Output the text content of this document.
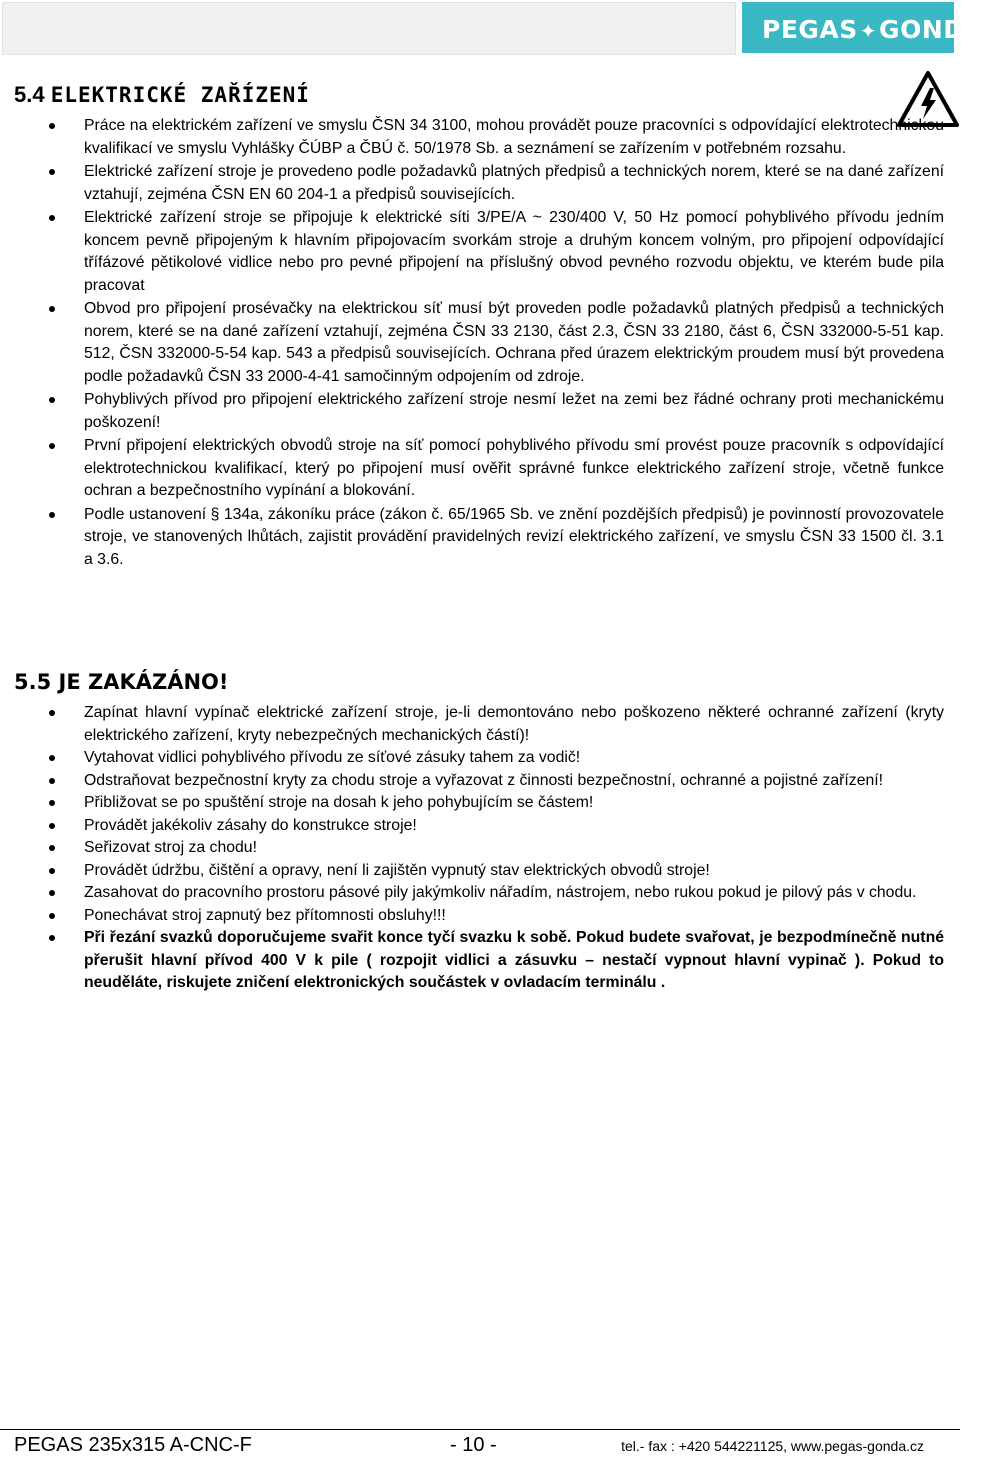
PEGAS ✦GONDA
5.4 ELEKTRICKÉ ZAŘÍZENÍ
Práce na elektrickém zařízení ve smyslu ČSN 34 3100, mohou provádět pouze pracovníci s odpovídající elektrotechnickou kvalifikací ve smyslu Vyhlášky ČÚBP a ČBÚ č. 50/1978 Sb. a seznámení se zařízením v potřebném rozsahu.
Elektrické zařízení stroje je provedeno podle požadavků platných předpisů a technických norem, které se na dané zařízení vztahují, zejména ČSN EN 60 204-1 a předpisů souvisejících.
Elektrické zařízení stroje se připojuje k elektrické síti 3/PE/A ~ 230/400 V, 50 Hz pomocí pohyblivého přívodu jedním koncem pevně připojeným k hlavním připojovacím svorkám stroje a druhým koncem volným, pro připojení odpovídající třífázové pětikolové vidlice nebo pro pevné připojení na příslušný obvod pevného rozvodu objektu, ve kterém bude pila pracovat
Obvod pro připojení prosévačky na elektrickou síť musí být proveden podle požadavků platných předpisů a technických norem, které se na dané zařízení vztahují, zejména ČSN 33 2130, část 2.3, ČSN 33 2180, část 6, ČSN 332000-5-51 kap. 512, ČSN 332000-5-54 kap. 543 a předpisů souvisejících. Ochrana před úrazem elektrickým proudem musí být provedena podle požadavků ČSN 33 2000-4-41 samočinným odpojením od zdroje.
Pohyblivých přívod pro připojení elektrického zařízení stroje nesmí ležet na zemi bez řádné ochrany proti mechanickému poškození!
První připojení elektrických obvodů stroje na síť pomocí pohyblivého přívodu smí provést pouze pracovník s odpovídající elektrotechnickou kvalifikací, který po připojení musí ověřit správné funkce elektrického zařízení stroje, včetně funkce ochran a bezpečnostního vypínání a blokování.
Podle ustanovení § 134a, zákoníku práce (zákon č. 65/1965 Sb. ve znění pozdějších předpisů) je povinností provozovatele stroje, ve stanovených lhůtách, zajistit provádění pravidelných revizí elektrického zařízení, ve smyslu ČSN 33 1500 čl. 3.1 a 3.6.
5.5 JE ZAKÁZÁNO!
Zapínat hlavní vypínač elektrické zařízení stroje, je-li demontováno nebo poškozeno některé ochranné zařízení (kryty elektrického zařízení, kryty nebezpečných mechanických částí)!
Vytahovat vidlici pohyblivého přívodu ze síťové zásuky tahem za vodič!
Odstraňovat bezpečnostní kryty za chodu stroje a vyřazovat z činnosti bezpečnostní, ochranné a pojistné zařízení!
Přibližovat se po spuštění stroje na dosah k jeho pohybujícím se částem!
Provádět jakékoliv zásahy do konstrukce stroje!
Seřizovat stroj za chodu!
Provádět údržbu, čištění a opravy, není li zajištěn vypnutý stav elektrických obvodů stroje!
Zasahovat do pracovního prostoru pásové pily jakýmkoliv nářadím, nástrojem, nebo rukou pokud je pilový pás v chodu.
Ponechávat stroj zapnutý bez přítomnosti obsluhy!!!
Při řezání svazků doporučujeme svařit konce tyčí svazku k sobě. Pokud budete svařovat, je bezpodmínečně nutné přerušit hlavní přívod 400 V k pile ( rozpojit vidlici a zásuvku – nestačí vypnout hlavní vypinač ). Pokud to neuděláte, riskujete zničení elektronických součástek v ovladacím terminálu .
PEGAS 235x315 A-CNC-F	- 10 -	tel.- fax : +420 544221125, www.pegas-gonda.cz
